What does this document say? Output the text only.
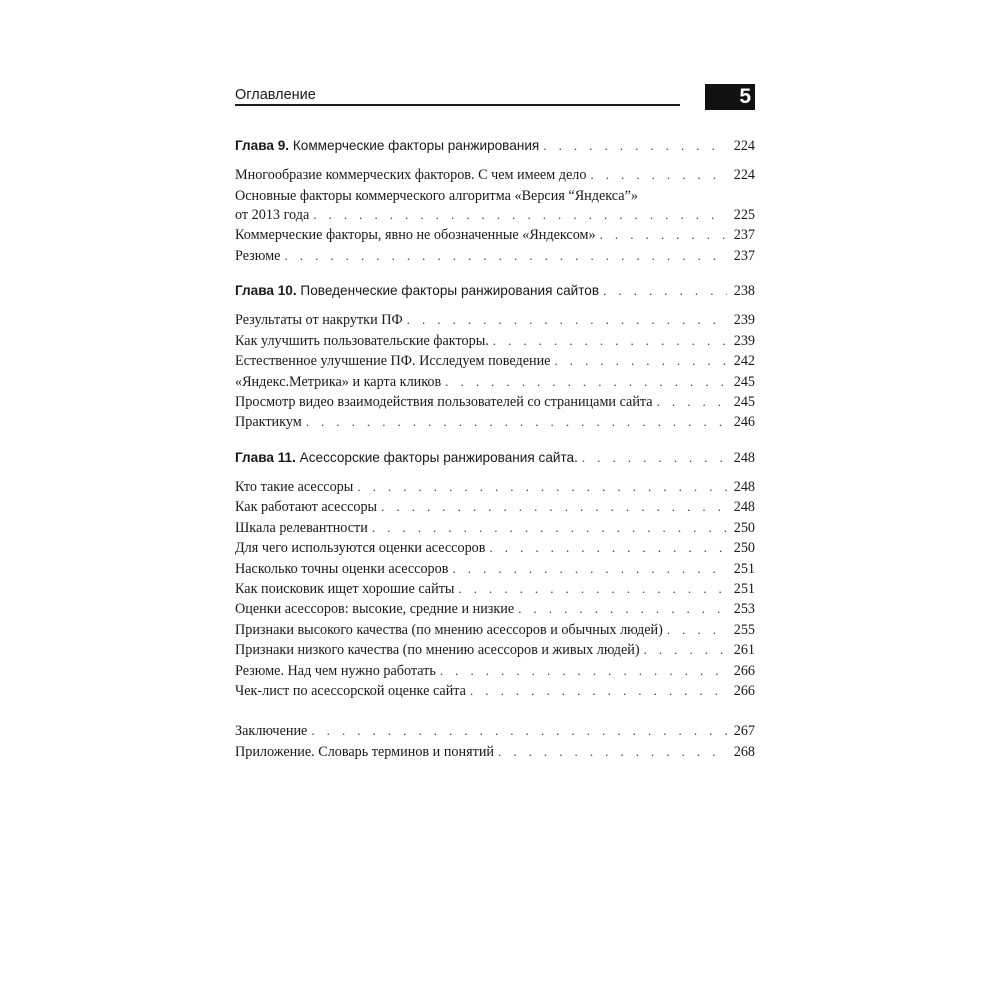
Оглавление	5
Глава 9. Коммерческие факторы ранжирования . . .	224
Многообразие коммерческих факторов. С чем имеем дело . . .	224
Основные факторы коммерческого алгоритма «Версия “Яндекса”»
от 2013 года . . .	225
Коммерческие факторы, явно не обозначенные «Яндексом» . . .	237
Резюме . . .	237
Глава 10. Поведенческие факторы ранжирования сайтов . . .	238
Результаты от накрутки ПФ . . .	239
Как улучшить пользовательские факторы. . . .	239
Естественное улучшение ПФ. Исследуем поведение . . .	242
«Яндекс.Метрика» и карта кликов . . .	245
Просмотр видео взаимодействия пользователей со страницами сайта . . .	245
Практикум . . .	246
Глава 11. Асессорские факторы ранжирования сайта. . . .	248
Кто такие асессоры . . .	248
Как работают асессоры . . .	248
Шкала релевантности . . .	250
Для чего используются оценки асессоров . . .	250
Насколько точны оценки асессоров . . .	251
Как поисковик ищет хорошие сайты . . .	251
Оценки асессоров: высокие, средние и низкие . . .	253
Признаки высокого качества (по мнению асессоров и обычных людей) . . .	255
Признаки низкого качества (по мнению асессоров и живых людей) . . .	261
Резюме. Над чем нужно работать . . .	266
Чек-лист по асессорской оценке сайта . . .	266
Заключение . . .	267
Приложение. Словарь терминов и понятий . . .	268
